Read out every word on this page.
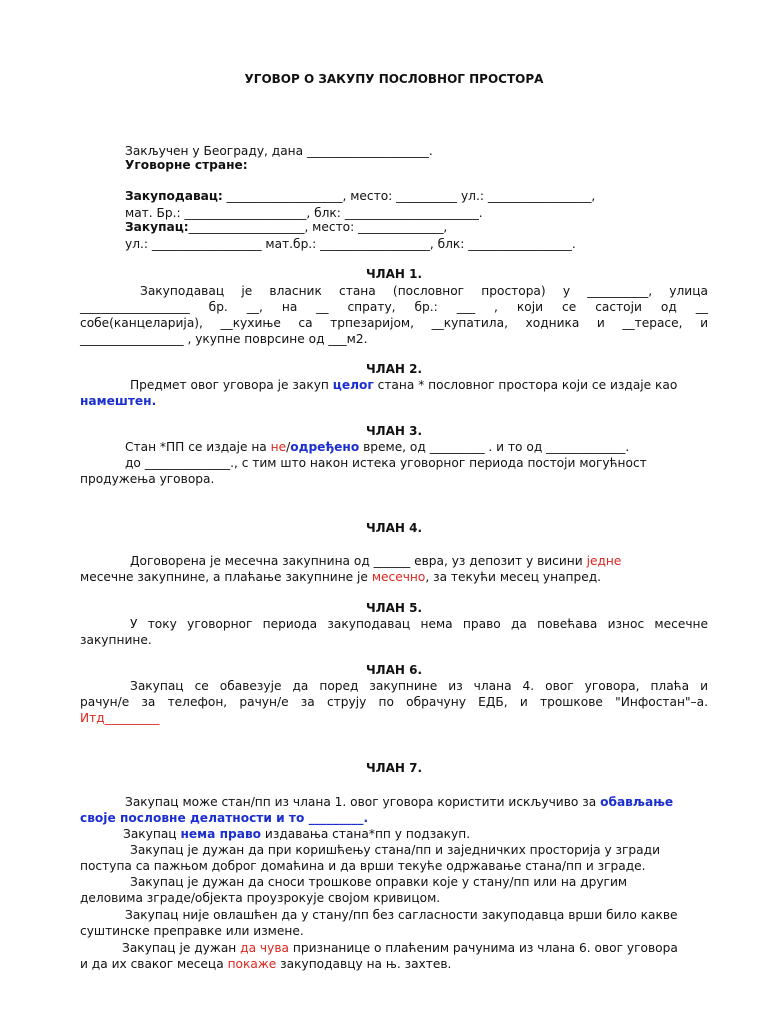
УГОВОР О ЗАКУПУ ПОСЛОВНОГ ПРОСТОРА
Закључен у Београду, дана ____________________.
Уговорне стране:
Закуподавац: ___________________, место: __________ ул.: _________________,
мат. Бр.: ____________________, блк: ______________________.
Закупац:___________________, место: ______________,
ул.: __________________ мат.бр.: __________________, блк: _________________.
ЧЛАН 1.
Закуподавац је власник стана (пословног простора) у __________, улица
__________________ бр. __, на __ спрату, бр.: ___ , који се састоји од __
собе(канцеларија), __кухиње са трпезаријом, __купатила, ходника и __терасе, и
_________________ , укупне поврсине од ___м2.
ЧЛАН 2.
Предмет овог уговора је закуп целог стана * пословног простора који се издаје као
намештен.
ЧЛАН 3.
Стан *ПП се издаје на не/одређено време, од _________ . и то од _____________.
до ______________., с тим што након истека уговорног периода постоји могућност
продужења уговора.
ЧЛАН 4.
Договорена је месечна закупнина од ______ евра, уз депозит у висини једне
месечне закупнине, а плаћање закупнине је месечно, за текући месец унапред.
ЧЛАН 5.
У току уговорног периода закуподавац нема право да повећава износ месечне
закупнине.
ЧЛАН 6.
Закупац се обавезује да поред закупнине из члана 4. овог уговора, плаћа и
рачун/е за телефон, рачун/е за струју по обрачуну ЕДБ, и трошкове "Инфостан"–а.
Итд_________
ЧЛАН 7.
Закупац може стан/пп из члана 1. овог уговора користити искључиво за обављање
своје пословне делатности и то _________.
Закупац нема право издавања стана*пп у подзакуп.
Закупац је дужан да при коришћењу стана/пп и заједничких просторија у згради
поступа са пажњом доброг домаћина и да врши текуће одржавање стана/пп и зграде.
Закупац је дужан да сноси трошкове оправки које у стану/пп или на другим
деловима зграде/објекта проузрокује својом кривицом.
Закупац није овлашћен да у стану/пп без сагласности закуподавца врши било какве
суштинске преправке или измене.
Закупац је дужан да чува признанице о плаћеним рачунима из члана 6. овог уговора
и да их сваког месеца покаже закуподавцу на њ. захтев.
